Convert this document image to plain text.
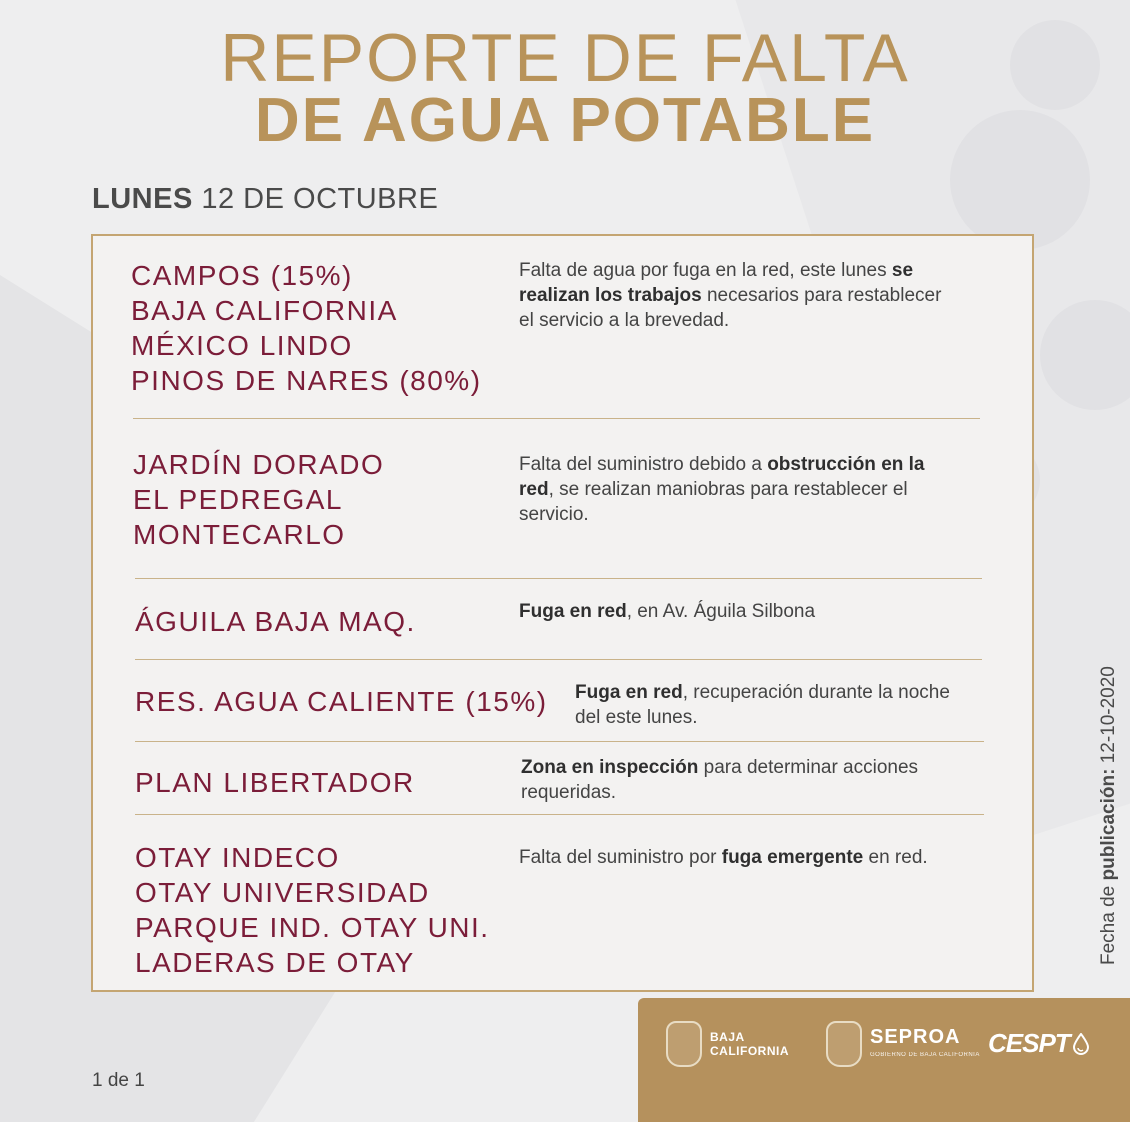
REPORTE DE FALTA
DE AGUA POTABLE
LUNES 12 DE OCTUBRE
CAMPOS (15%)
BAJA CALIFORNIA
MÉXICO LINDO
PINOS DE NARES (80%)
Falta de agua por fuga en la red, este lunes se realizan los trabajos necesarios para restablecer el servicio a la brevedad.
JARDÍN DORADO
EL PEDREGAL
MONTECARLO
Falta del suministro debido a obstrucción en la red, se realizan maniobras para restablecer el servicio.
ÁGUILA BAJA MAQ.	Fuga en red, en Av. Águila Silbona
RES. AGUA CALIENTE (15%) Fuga en red, recuperación durante la noche del este lunes.
PLAN LIBERTADOR	Zona en inspección para determinar acciones requeridas.
OTAY INDECO
OTAY UNIVERSIDAD
PARQUE IND. OTAY UNI.
LADERAS DE OTAY
Falta del suministro por fuga emergente en red.
Fecha de publicación: 12-10-2020
1 de 1
BAJA
CALIFORNIA
SEPROA
GOBIERNO DE BAJA CALIFORNIA CESPT
